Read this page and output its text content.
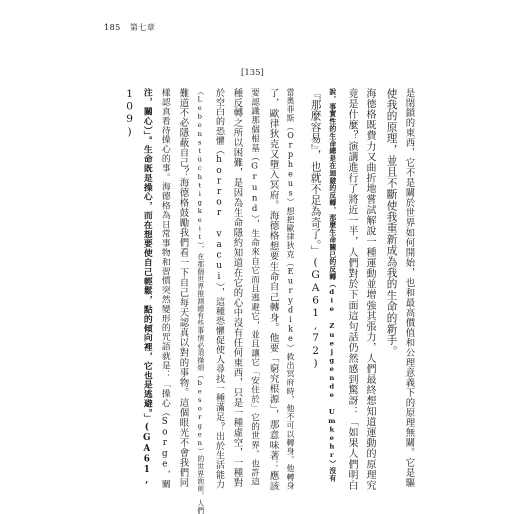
185 第七章
[135]
是閉鎖的東西，它不是關於世界如何開始，也和最高價值和公理意義下的原理無關。它是驅
使我的原理，並且不斷使我重新成為我的生命的新手。
海德格既費力又曲折地嘗試解說一種運動並增強其張力，人們最終想知道運動的原理究
竟是什麼？演講進行了將近一半，人們對於下面這句話仍然感到驚訝：「如果人們明白
說，事實性的生命總是在迴避的反轉，那麼生命關已的反轉（die Zuejgende Umkehr）沒有
『那麼容易』，也就不足為奇了。」(GA61,72)
當奧菲斯（Orpheus）想把歐律狄克（Eurydike）救出冥府時，他不可以轉身。他轉身
了，歐律狄克又墮入冥府。海德格想要生命自己轉身。他要「窮究根源」，那意味著：應該
要認識那個根基（Grund），生命來自它而且逃避它，並且讓它「安住於」它的世界。也許這
種反轉之所以困難，是因為生命隱約知道在它的心中沒有任何東西，只是一種虛空，一種對
於空白的恐懼（horror vacui），這種恐懼促使人尋找一種滿足？出於生活能力
（Lebenstüchtigkeit），在那個世界推測總有些事情必須操煩（besorgen）的世界面前，人們
難道不必隱蔽自己？海德格鼓勵我們看一下自己每天認真以對的事物。這個眼光不會我們同
樣認真看待操心的事。海德格為日常事物和習慣突然變形的咒語就是：「操心（Sorge，關
注，關心）」。生命既是操心，而在想要使自己輕鬆，點的傾向裡，它也是逃避。」(GA61,
109)
